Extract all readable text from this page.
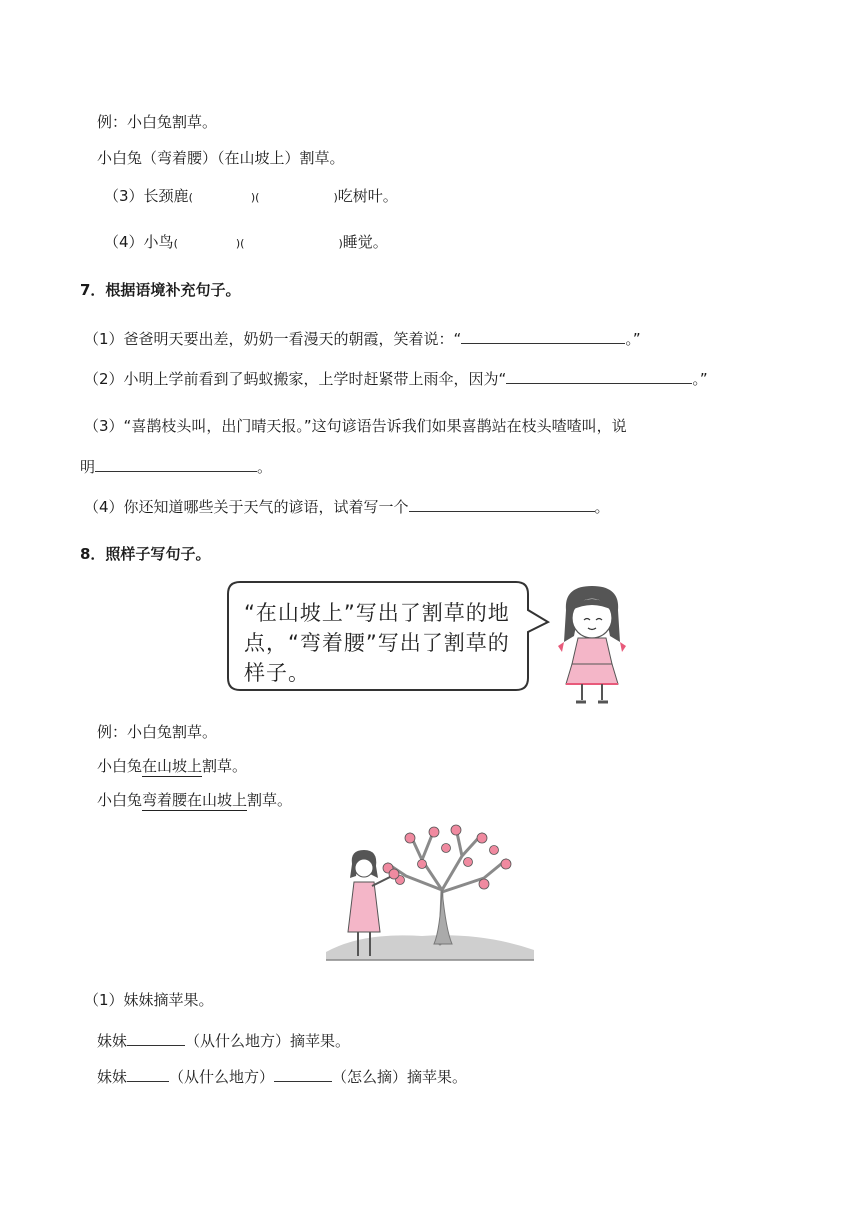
例：小白兔割草。
小白兔（弯着腰）（在山坡上）割草。
（3）长颈鹿(	)(	)吃树叶。
（4）小鸟(	)(	)睡觉。
7．根据语境补充句子。
（1）爸爸明天要出差，奶奶一看漫天的朝霞，笑着说：“	。”
（2）小明上学前看到了蚂蚁搬家，上学时赶紧带上雨伞，因为“	。”
（3）“喜鹊枝头叫，出门晴天报。”这句谚语告诉我们如果喜鹊站在枝头喳喳叫，说
明	。
（4）你还知道哪些关于天气的谚语，试着写一个	。
8．照样子写句子。
“在山坡上”写出了割草的地点，“弯着腰”写出了割草的样子。
例：小白兔割草。
小白兔在山坡上割草。
小白兔弯着腰在山坡上割草。
（1）妹妹摘苹果。
妹妹	（从什么地方）摘苹果。
妹妹	（从什么地方）	（怎么摘）摘苹果。
